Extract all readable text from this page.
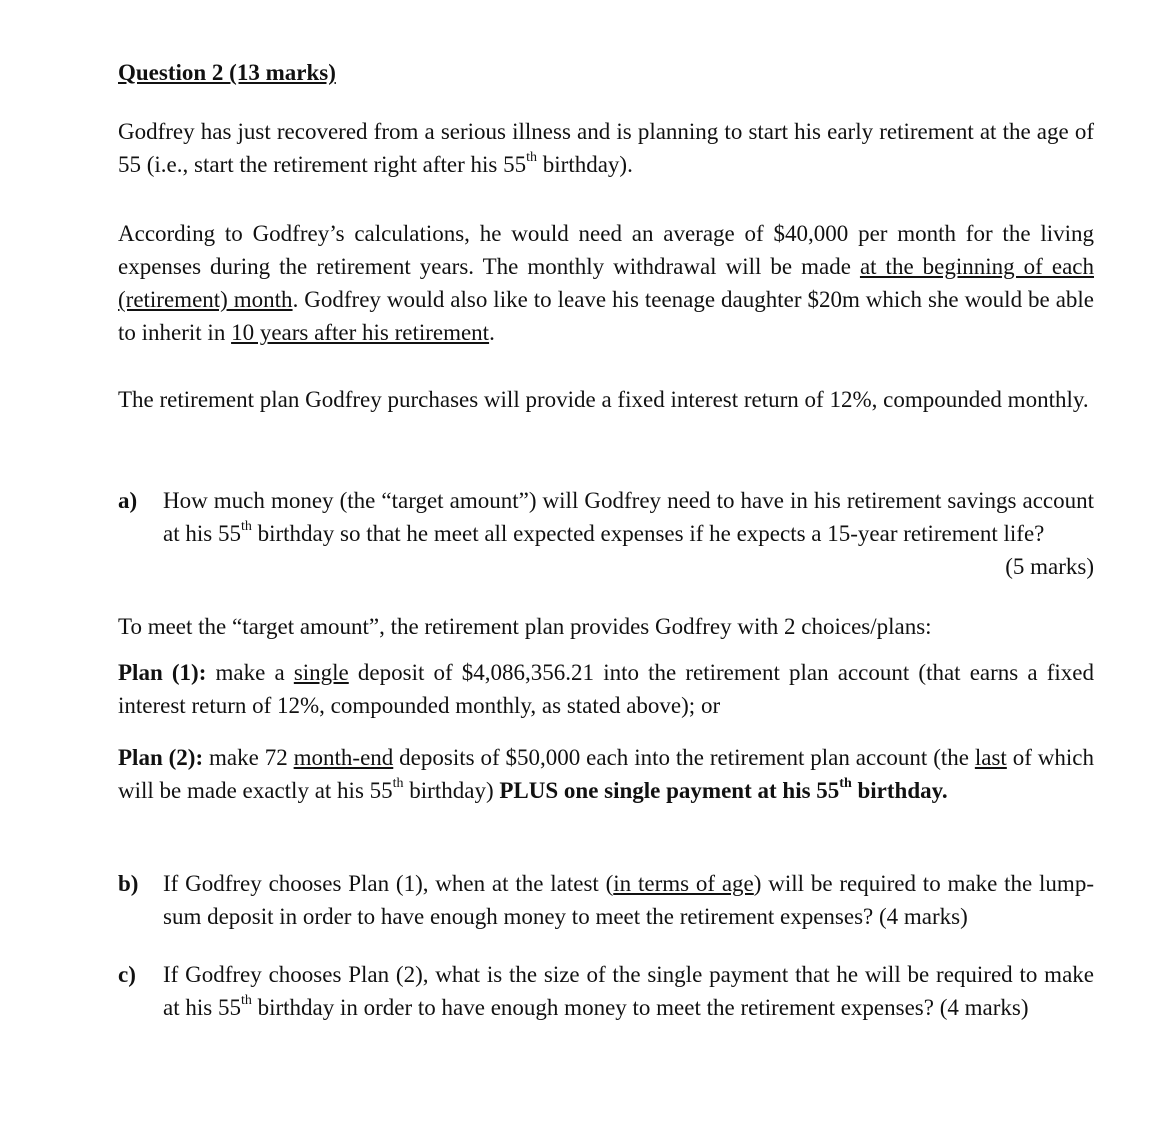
Question 2 (13 marks)

Godfrey has just recovered from a serious illness and is planning to start his early retirement at the age of 55 (i.e., start the retirement right after his 55th birthday).

According to Godfrey’s calculations, he would need an average of $40,000 per month for the living expenses during the retirement years. The monthly withdrawal will be made at the beginning of each (retirement) month. Godfrey would also like to leave his teenage daughter $20m which she would be able to inherit in 10 years after his retirement.

The retirement plan Godfrey purchases will provide a fixed interest return of 12%, compounded monthly.

a) How much money (the “target amount”) will Godfrey need to have in his retirement savings account at his 55th birthday so that he meet all expected expenses if he expects a 15-year retirement life?
(5 marks)

To meet the “target amount”, the retirement plan provides Godfrey with 2 choices/plans:

Plan (1): make a single deposit of $4,086,356.21 into the retirement plan account (that earns a fixed interest return of 12%, compounded monthly, as stated above); or

Plan (2): make 72 month-end deposits of $50,000 each into the retirement plan account (the last of which will be made exactly at his 55th birthday) PLUS one single payment at his 55th birthday.

b) If Godfrey chooses Plan (1), when at the latest (in terms of age) will be required to make the lump-sum deposit in order to have enough money to meet the retirement expenses? (4 marks)
c) If Godfrey chooses Plan (2), what is the size of the single payment that he will be required to make at his 55th birthday in order to have enough money to meet the retirement expenses? (4 marks)
